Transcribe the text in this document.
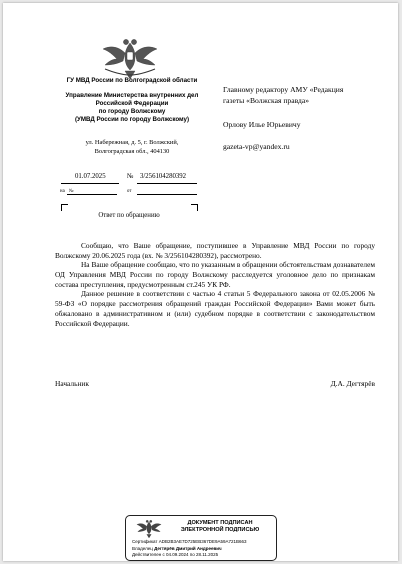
ГУ МВД России по Волгоградской области
Управление Министерства внутренних дел
Российской Федерации
по городу Волжскому
(УМВД России по городу Волжскому)
ул. Набережная, д. 5, г. Волжский,
Волгоградская обл., 404130
01.07.2025	№ 3/256104280392
на №	от
Ответ по обращению
Главному редактору АМУ «Редакция
газеты «Волжская правда»
Орлову Илье Юрьевичу
gazeta-vp@yandex.ru

Сообщаю, что Ваше обращение, поступившее в Управление МВД России по городу Волжскому 20.06.2025 года (вх. № 3/256104280392), рассмотрено.

На Ваше обращение сообщаю, что по указанным в обращении обстоятельствам дознавателем ОД Управления МВД России по городу Волжскому расследуется уголовное дело по признакам состава преступления, предусмотренным ст.245 УК РФ.

Данное решение в соответствии с частью 4 статьи 5 Федерального закона от 02.05.2006 № 59-ФЗ «О порядке рассмотрения обращений граждан Российской Федерации» Вами может быть обжаловано в административном и (или) судебном порядке в соответствии с законодательством Российской Федерации.

Начальник	Д.А. Дегтярёв
ДОКУМЕНТ ПОДПИСАН
ЭЛЕКТРОННОЙ ПОДПИСЬЮ
Сертификат ADB2B3AE7D725EB367DE9A59A721B663
Владелец Дегтярёв Дмитрий Андреевич
Действителен с 04.09.2024 по 28.11.2025
